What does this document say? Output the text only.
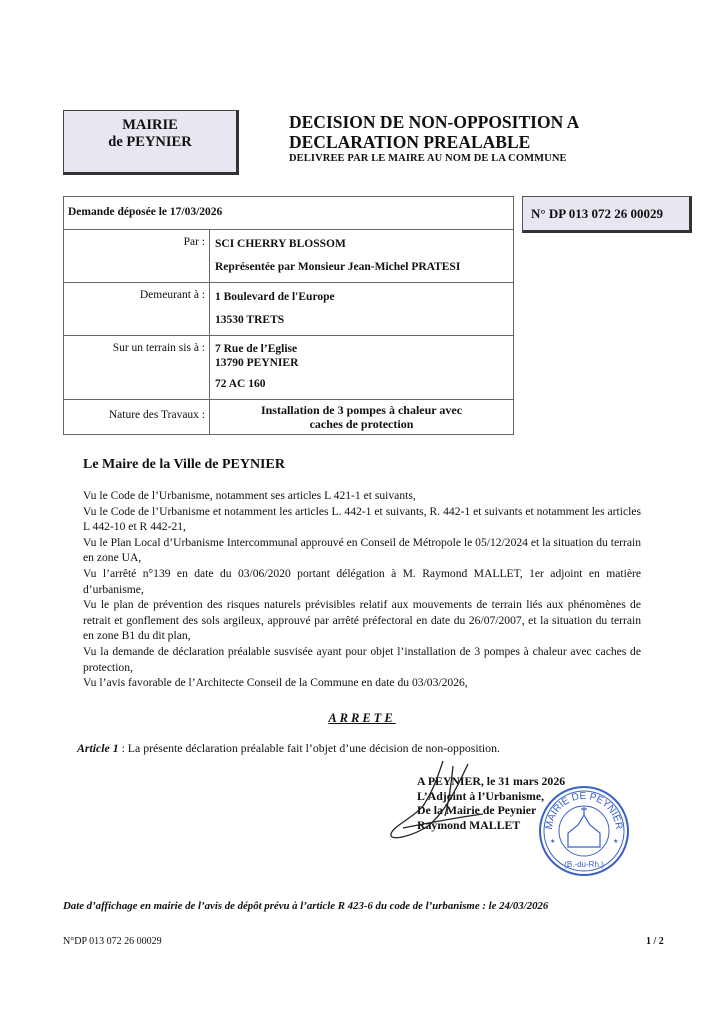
MAIRIE
de PEYNIER
DECISION DE NON-OPPOSITION A
DECLARATION PREALABLE
DELIVREE PAR LE MAIRE AU NOM DE LA COMMUNE
Demande déposée le 17/03/2026	
Par :	SCI CHERRY BLOSSOM

Représentée par Monsieur Jean-Michel PRATESI

Demeurant à :	1 Boulevard de l'Europe

13530 TRETS

Sur un terrain sis à :	7 Rue de l’Eglise

13790 PEYNIER

72 AC 160

Nature des Travaux :	Installation de 3 pompes à chaleur avec
caches de protection
N° DP 013 072 26 00029
Le Maire de la Ville de PEYNIER
Vu le Code de l’Urbanisme, notamment ses articles L 421-1 et suivants,
Vu le Code de l’Urbanisme et notamment les articles L. 442-1 et suivants, R. 442-1 et suivants et notamment les articles L 442-10 et R 442-21,
Vu le Plan Local d’Urbanisme Intercommunal approuvé en Conseil de Métropole le 05/12/2024 et la situation du terrain en zone UA,
Vu l’arrêté n°139 en date du 03/06/2020 portant délégation à M. Raymond MALLET, 1er adjoint en matière d’urbanisme,
Vu le plan de prévention des risques naturels prévisibles relatif aux mouvements de terrain liés aux phénomènes de retrait et gonflement des sols argileux, approuvé par arrêté préfectoral en date du 26/07/2007, et la situation du terrain en zone B1 du dit plan,
Vu la demande de déclaration préalable susvisée ayant pour objet l’installation de 3 pompes à chaleur avec caches de protection,
Vu l’avis favorable de l’Architecte Conseil de la Commune en date du 03/03/2026,
ARRETE
Article 1 : La présente déclaration préalable fait l’objet d’une décision de non-opposition.
A PEYNIER, le 31 mars 2026
L’Adjoint à l’Urbanisme,
De la Mairie de Peynier
Raymond MALLET	MAIRIE DE PEYNIER
(B.-du-Rh.)
★	★
Date d’affichage en mairie de l’avis de dépôt prévu à l’article R 423-6 du code de l’urbanisme : le 24/03/2026
N°DP 013 072 26 00029	1 / 2
